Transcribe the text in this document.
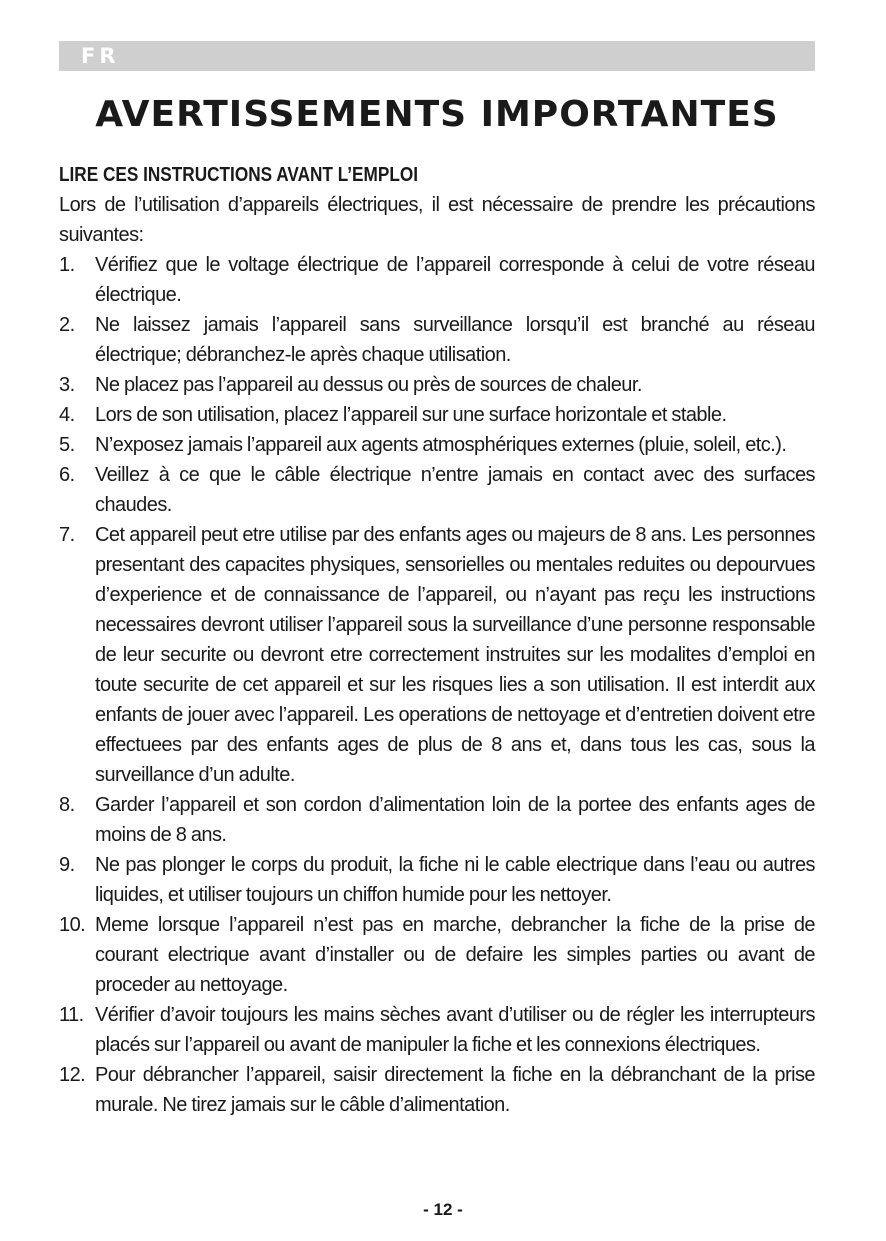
FR
AVERTISSEMENTS IMPORTANTES
LIRE CES INSTRUCTIONS AVANT L’EMPLOI

Lors de l’utilisation d’appareils électriques, il est nécessaire de prendre les précautions suivantes:

1.	Vérifiez que le voltage électrique de l’appareil corresponde à celui de votre réseau électrique.
2.	Ne laissez jamais l’appareil sans surveillance lorsqu’il est branché au réseau électrique; débranchez-le après chaque utilisation.
3.	Ne placez pas l’appareil au dessus ou près de sources de chaleur.
4.	Lors de son utilisation, placez l’appareil sur une surface horizontale et stable.
5.	N’exposez jamais l’appareil aux agents atmosphériques externes (pluie, soleil, etc.).
6.	Veillez à ce que le câble électrique n’entre jamais en contact avec des surfaces chaudes.
7.	Cet appareil peut etre utilise par des enfants ages ou majeurs de 8 ans. Les personnes presentant des capacites physiques, sensorielles ou mentales reduites ou depourvues d’experience et de connaissance de l’appareil, ou n’ayant pas reçu les instructions necessaires devront utiliser l’appareil sous la surveillance d’une personne responsable de leur securite ou devront etre correctement instruites sur les modalites d’emploi en toute securite de cet appareil et sur les risques lies a son utilisation. Il est interdit aux enfants de jouer avec l’appareil. Les operations de nettoyage et d’entretien doivent etre effectuees par des enfants ages de plus de 8 ans et, dans tous les cas, sous la surveillance d’un adulte.
8.	Garder l’appareil et son cordon d’alimentation loin de la portee des enfants ages de moins de 8 ans.
9.	Ne pas plonger le corps du produit, la fiche ni le cable electrique dans l’eau ou autres liquides, et utiliser toujours un chiffon humide pour les nettoyer.
10. Meme lorsque l’appareil n’est pas en marche, debrancher la fiche de la prise de courant electrique avant d’installer ou de defaire les simples parties ou avant de proceder au nettoyage.
11. Vérifier d’avoir toujours les mains sèches avant d’utiliser ou de régler les interrupteurs placés sur l’appareil ou avant de manipuler la fiche et les connexions électriques.
12. Pour débrancher l’appareil, saisir directement la fiche en la débranchant de la prise murale. Ne tirez jamais sur le câble d’alimentation.
- 12 -
